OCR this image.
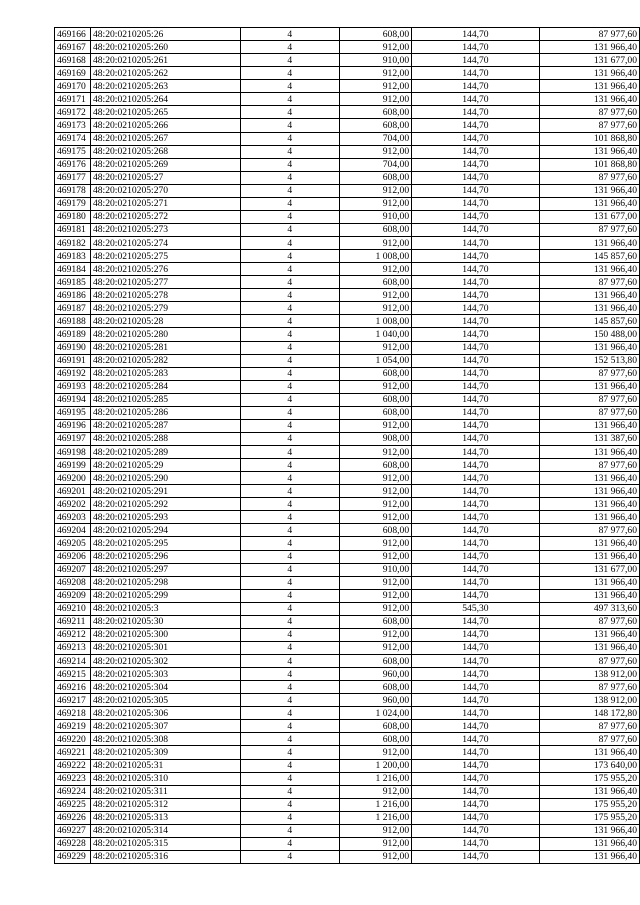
469166	48:20:0210205:26	4	608,00	144,70	87 977,60
469167	48:20:0210205:260	4	912,00	144,70	131 966,40
469168	48:20:0210205:261	4	910,00	144,70	131 677,00
469169	48:20:0210205:262	4	912,00	144,70	131 966,40
469170	48:20:0210205:263	4	912,00	144,70	131 966,40
469171	48:20:0210205:264	4	912,00	144,70	131 966,40
469172	48:20:0210205:265	4	608,00	144,70	87 977,60
469173	48:20:0210205:266	4	608,00	144,70	87 977,60
469174	48:20:0210205:267	4	704,00	144,70	101 868,80
469175	48:20:0210205:268	4	912,00	144,70	131 966,40
469176	48:20:0210205:269	4	704,00	144,70	101 868,80
469177	48:20:0210205:27	4	608,00	144,70	87 977,60
469178	48:20:0210205:270	4	912,00	144,70	131 966,40
469179	48:20:0210205:271	4	912,00	144,70	131 966,40
469180	48:20:0210205:272	4	910,00	144,70	131 677,00
469181	48:20:0210205:273	4	608,00	144,70	87 977,60
469182	48:20:0210205:274	4	912,00	144,70	131 966,40
469183	48:20:0210205:275	4	1 008,00	144,70	145 857,60
469184	48:20:0210205:276	4	912,00	144,70	131 966,40
469185	48:20:0210205:277	4	608,00	144,70	87 977,60
469186	48:20:0210205:278	4	912,00	144,70	131 966,40
469187	48:20:0210205:279	4	912,00	144,70	131 966,40
469188	48:20:0210205:28	4	1 008,00	144,70	145 857,60
469189	48:20:0210205:280	4	1 040,00	144,70	150 488,00
469190	48:20:0210205:281	4	912,00	144,70	131 966,40
469191	48:20:0210205:282	4	1 054,00	144,70	152 513,80
469192	48:20:0210205:283	4	608,00	144,70	87 977,60
469193	48:20:0210205:284	4	912,00	144,70	131 966,40
469194	48:20:0210205:285	4	608,00	144,70	87 977,60
469195	48:20:0210205:286	4	608,00	144,70	87 977,60
469196	48:20:0210205:287	4	912,00	144,70	131 966,40
469197	48:20:0210205:288	4	908,00	144,70	131 387,60
469198	48:20:0210205:289	4	912,00	144,70	131 966,40
469199	48:20:0210205:29	4	608,00	144,70	87 977,60
469200	48:20:0210205:290	4	912,00	144,70	131 966,40
469201	48:20:0210205:291	4	912,00	144,70	131 966,40
469202	48:20:0210205:292	4	912,00	144,70	131 966,40
469203	48:20:0210205:293	4	912,00	144,70	131 966,40
469204	48:20:0210205:294	4	608,00	144,70	87 977,60
469205	48:20:0210205:295	4	912,00	144,70	131 966,40
469206	48:20:0210205:296	4	912,00	144,70	131 966,40
469207	48:20:0210205:297	4	910,00	144,70	131 677,00
469208	48:20:0210205:298	4	912,00	144,70	131 966,40
469209	48:20:0210205:299	4	912,00	144,70	131 966,40
469210	48:20:0210205:3	4	912,00	545,30	497 313,60
469211	48:20:0210205:30	4	608,00	144,70	87 977,60
469212	48:20:0210205:300	4	912,00	144,70	131 966,40
469213	48:20:0210205:301	4	912,00	144,70	131 966,40
469214	48:20:0210205:302	4	608,00	144,70	87 977,60
469215	48:20:0210205:303	4	960,00	144,70	138 912,00
469216	48:20:0210205:304	4	608,00	144,70	87 977,60
469217	48:20:0210205:305	4	960,00	144,70	138 912,00
469218	48:20:0210205:306	4	1 024,00	144,70	148 172,80
469219	48:20:0210205:307	4	608,00	144,70	87 977,60
469220	48:20:0210205:308	4	608,00	144,70	87 977,60
469221	48:20:0210205:309	4	912,00	144,70	131 966,40
469222	48:20:0210205:31	4	1 200,00	144,70	173 640,00
469223	48:20:0210205:310	4	1 216,00	144,70	175 955,20
469224	48:20:0210205:311	4	912,00	144,70	131 966,40
469225	48:20:0210205:312	4	1 216,00	144,70	175 955,20
469226	48:20:0210205:313	4	1 216,00	144,70	175 955,20
469227	48:20:0210205:314	4	912,00	144,70	131 966,40
469228	48:20:0210205:315	4	912,00	144,70	131 966,40
469229	48:20:0210205:316	4	912,00	144,70	131 966,40
